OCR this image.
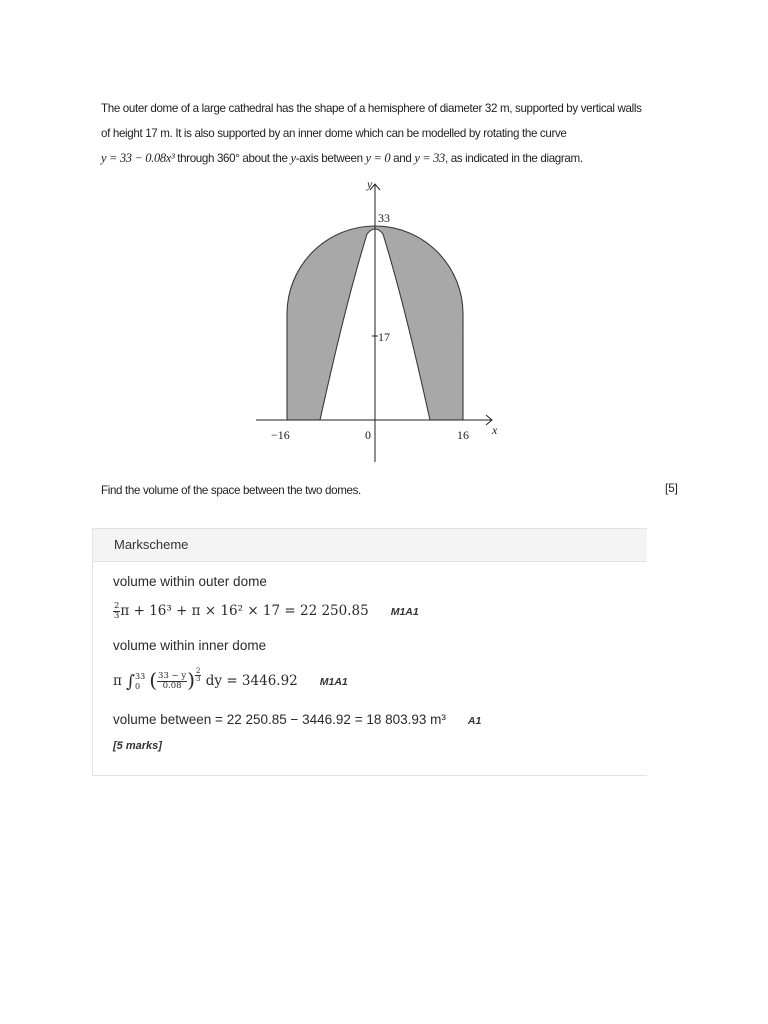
The outer dome of a large cathedral has the shape of a hemisphere of diameter 32 m, supported by vertical walls
of height 17 m. It is also supported by an inner dome which can be modelled by rotating the curve
y = 33 − 0.08x³ through 360° about the y-axis between y = 0 and y = 33, as indicated in the diagram.
y
x
33
17
−16	0	16
Find the volume of the space between the two domes.	[5]
Markscheme
volume within outer dome
$\frac{2}{3}$ π + 16³ + π × 16² × 17 = 22 250.85 M1A1
volume within inner dome
π ∫ 33
0 ( $\frac{33 - y}{0.08}$ ) $\frac{2}{3}$ dy = 3446.92 M1A1
volume between = 22 250.85 − 3446.92 = 18 803.93 m³ A1
[5 marks]
